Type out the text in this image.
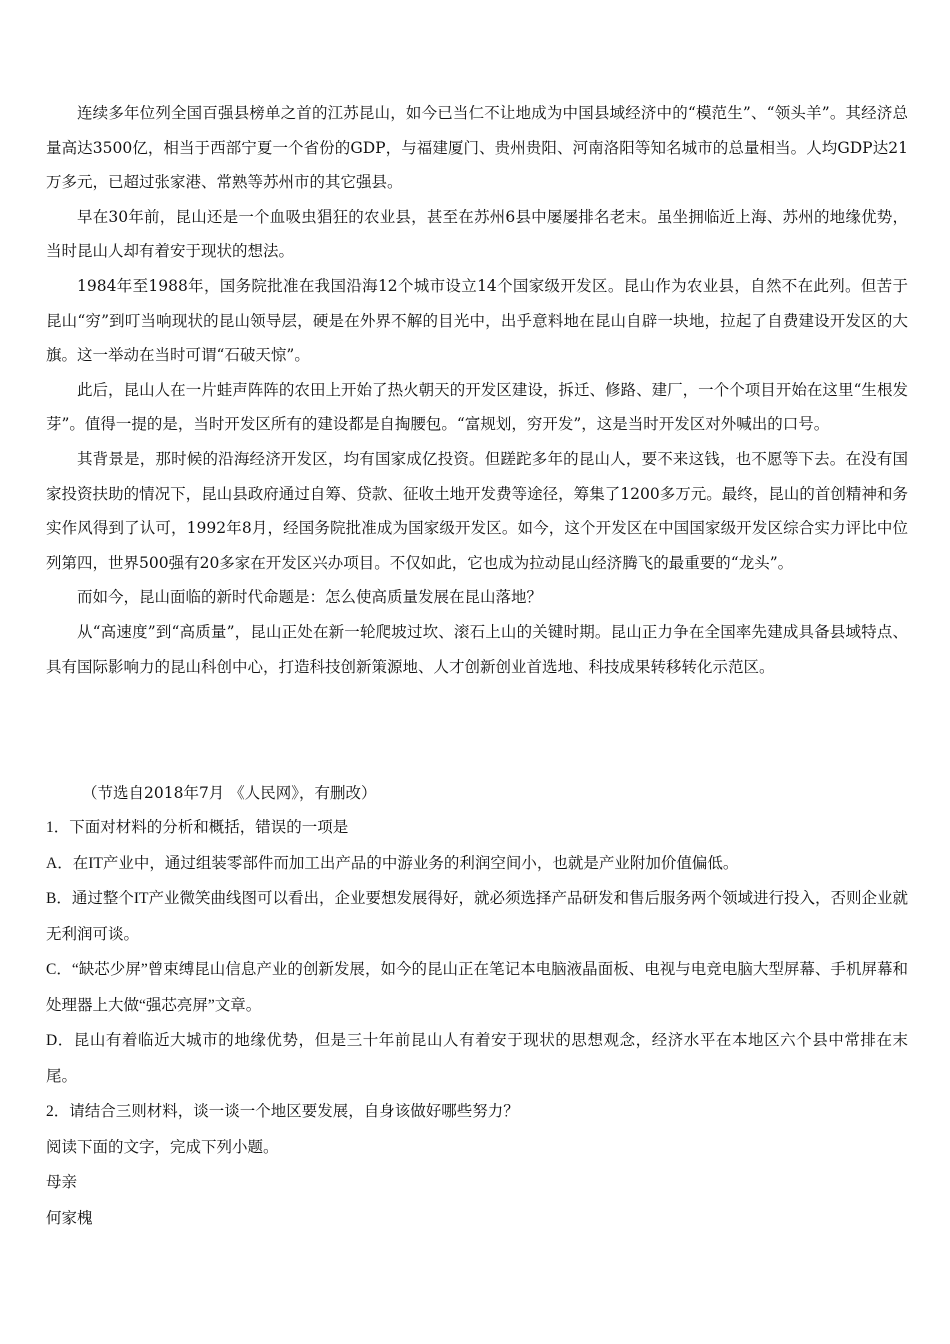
连续多年位列全国百强县榜单之首的江苏昆山，如今已当仁不让地成为中国县域经济中的“模范生”、“领头羊”。其经济总量高达3500亿，相当于西部宁夏一个省份的GDP，与福建厦门、贵州贵阳、河南洛阳等知名城市的总量相当。人均GDP达21万多元，已超过张家港、常熟等苏州市的其它强县。

早在30年前，昆山还是一个血吸虫猖狂的农业县，甚至在苏州6县中屡屡排名老末。虽坐拥临近上海、苏州的地缘优势，当时昆山人却有着安于现状的想法。

1984年至1988年，国务院批准在我国沿海12个城市设立14个国家级开发区。昆山作为农业县，自然不在此列。但苦于昆山“穷”到叮当响现状的昆山领导层，硬是在外界不解的目光中，出乎意料地在昆山自辟一块地，拉起了自费建设开发区的大旗。这一举动在当时可谓“石破天惊”。

此后，昆山人在一片蛙声阵阵的农田上开始了热火朝天的开发区建设，拆迁、修路、建厂，一个个项目开始在这里“生根发芽”。值得一提的是，当时开发区所有的建设都是自掏腰包。“富规划，穷开发”，这是当时开发区对外喊出的口号。

其背景是，那时候的沿海经济开发区，均有国家成亿投资。但蹉跎多年的昆山人，要不来这钱，也不愿等下去。在没有国家投资扶助的情况下，昆山县政府通过自筹、贷款、征收土地开发费等途径，筹集了1200多万元。最终，昆山的首创精神和务实作风得到了认可，1992年8月，经国务院批准成为国家级开发区。如今，这个开发区在中国国家级开发区综合实力评比中位列第四，世界500强有20多家在开发区兴办项目。不仅如此，它也成为拉动昆山经济腾飞的最重要的“龙头”。

而如今，昆山面临的新时代命题是：怎么使高质量发展在昆山落地？

从“高速度”到“高质量”，昆山正处在新一轮爬坡过坎、滚石上山的关键时期。昆山正力争在全国率先建成具备县域特点、具有国际影响力的昆山科创中心，打造科技创新策源地、人才创新创业首选地、科技成果转移转化示范区。

（节选自2018年7月 《人民网》，有删改）

1．下面对材料的分析和概括，错误的一项是

A．在IT产业中，通过组装零部件而加工出产品的中游业务的利润空间小，也就是产业附加价值偏低。

B．通过整个IT产业微笑曲线图可以看出，企业要想发展得好，就必须选择产品研发和售后服务两个领域进行投入，否则企业就无利润可谈。

C．“缺芯少屏”曾束缚昆山信息产业的创新发展，如今的昆山正在笔记本电脑液晶面板、电视与电竞电脑大型屏幕、手机屏幕和处理器上大做“强芯亮屏”文章。

D．昆山有着临近大城市的地缘优势，但是三十年前昆山人有着安于现状的思想观念，经济水平在本地区六个县中常排在末尾。

2．请结合三则材料，谈一谈一个地区要发展，自身该做好哪些努力？

阅读下面的文字，完成下列小题。

母亲

何家槐
